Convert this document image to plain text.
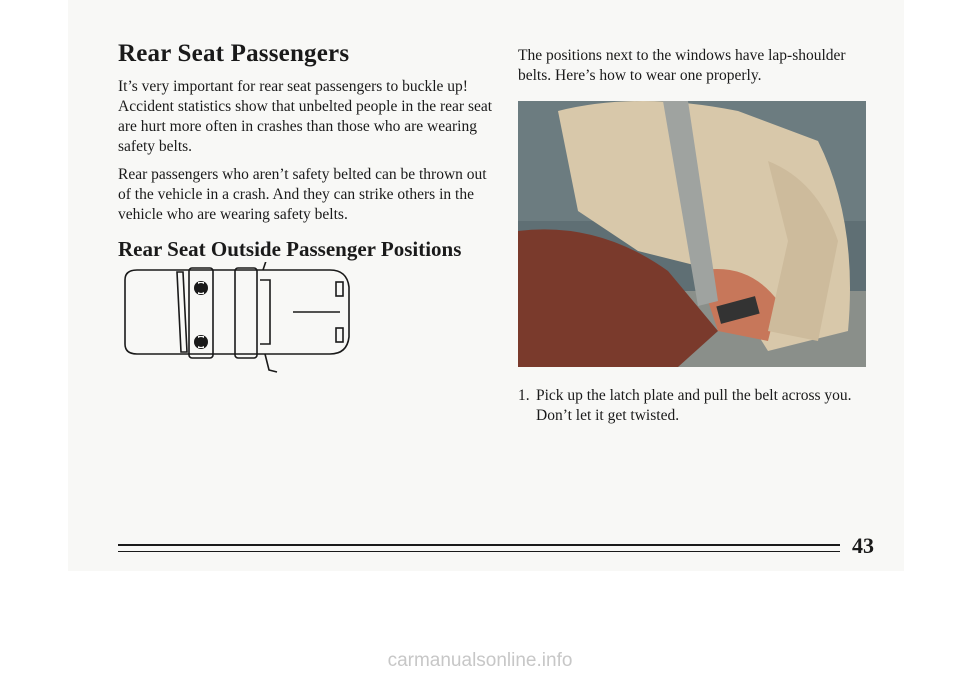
Rear Seat Passengers

It’s very important for rear seat passengers to buckle up! Accident statistics show that unbelted people in the rear seat are hurt more often in crashes than those who are wearing safety belts.

Rear passengers who aren’t safety belted can be thrown out of the vehicle in a crash. And they can strike others in the vehicle who are wearing safety belts.

Rear Seat Outside Passenger Positions

The positions next to the windows have lap-shoulder belts. Here’s how to wear one properly.

1. Pick up the latch plate and pull the belt across you. Don’t let it get twisted.
43
carmanualsonline.info
